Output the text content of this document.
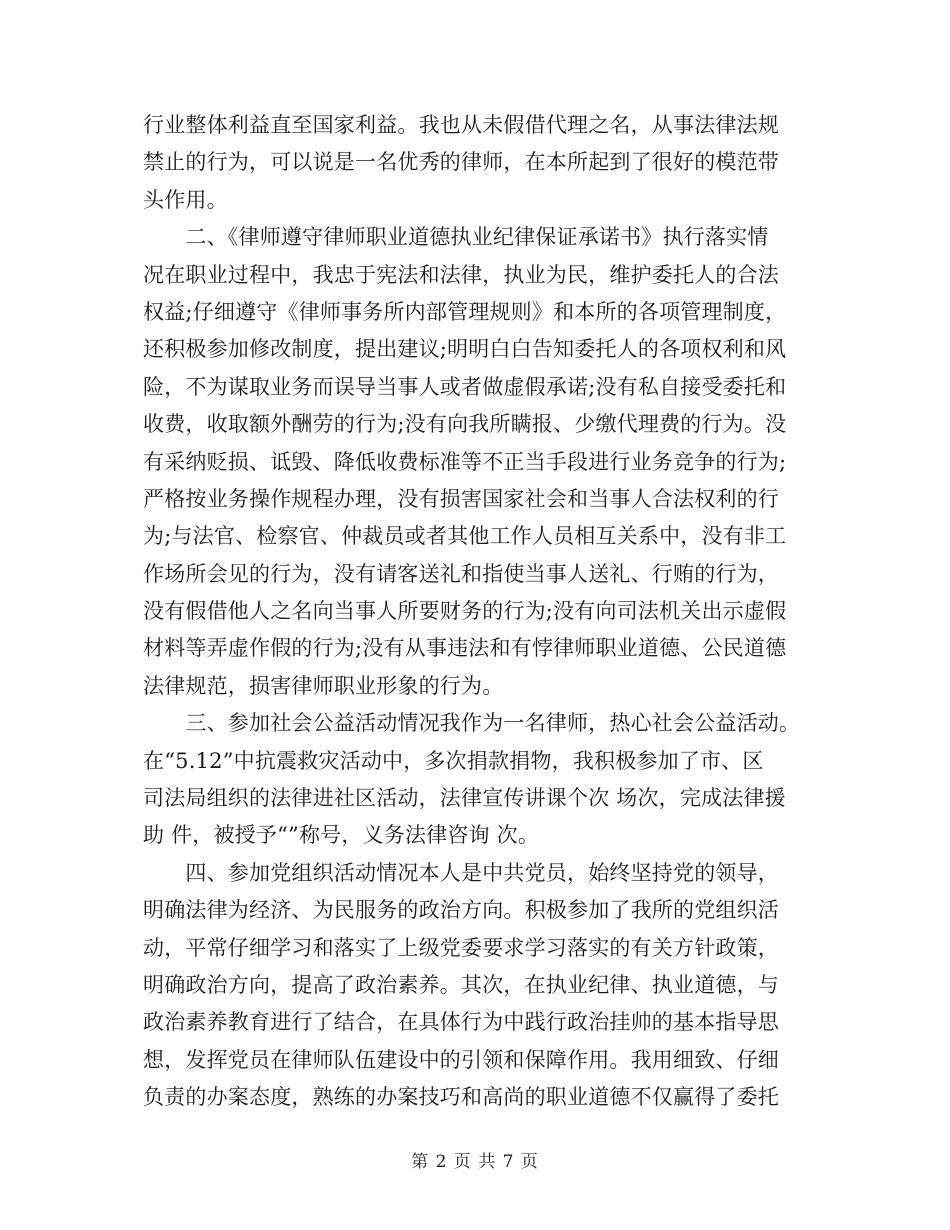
行业整体利益直至国家利益。我也从未假借代理之名，从事法律法规
禁止的行为，可以说是一名优秀的律师，在本所起到了很好的模范带
头作用。
　　二、《律师遵守律师职业道德执业纪律保证承诺书》执行落实情
况在职业过程中，我忠于宪法和法律，执业为民，维护委托人的合法
权益;仔细遵守《律师事务所内部管理规则》和本所的各项管理制度，
还积极参加修改制度，提出建议;明明白白告知委托人的各项权利和风
险，不为谋取业务而误导当事人或者做虚假承诺;没有私自接受委托和
收费，收取额外酬劳的行为;没有向我所瞒报、少缴代理费的行为。没
有采纳贬损、诋毁、降低收费标准等不正当手段进行业务竞争的行为;
严格按业务操作规程办理，没有损害国家社会和当事人合法权利的行
为;与法官、检察官、仲裁员或者其他工作人员相互关系中，没有非工
作场所会见的行为，没有请客送礼和指使当事人送礼、行贿的行为，
没有假借他人之名向当事人所要财务的行为;没有向司法机关出示虚假
材料等弄虚作假的行为;没有从事违法和有悖律师职业道德、公民道德
法律规范，损害律师职业形象的行为。
　　三、参加社会公益活动情况我作为一名律师，热心社会公益活动。
在“5.12”中抗震救灾活动中，多次捐款捐物，我积极参加了市、区
司法局组织的法律进社区活动，法律宣传讲课个次 场次，完成法律援
助 件，被授予“”称号，义务法律咨询 次。
　　四、参加党组织活动情况本人是中共党员，始终坚持党的领导，
明确法律为经济、为民服务的政治方向。积极参加了我所的党组织活
动，平常仔细学习和落实了上级党委要求学习落实的有关方针政策，
明确政治方向，提高了政治素养。其次，在执业纪律、执业道德，与
政治素养教育进行了结合，在具体行为中践行政治挂帅的基本指导思
想，发挥党员在律师队伍建设中的引领和保障作用。我用细致、仔细
负责的办案态度，熟练的办案技巧和高尚的职业道德不仅赢得了委托
第 2 页 共 7 页
